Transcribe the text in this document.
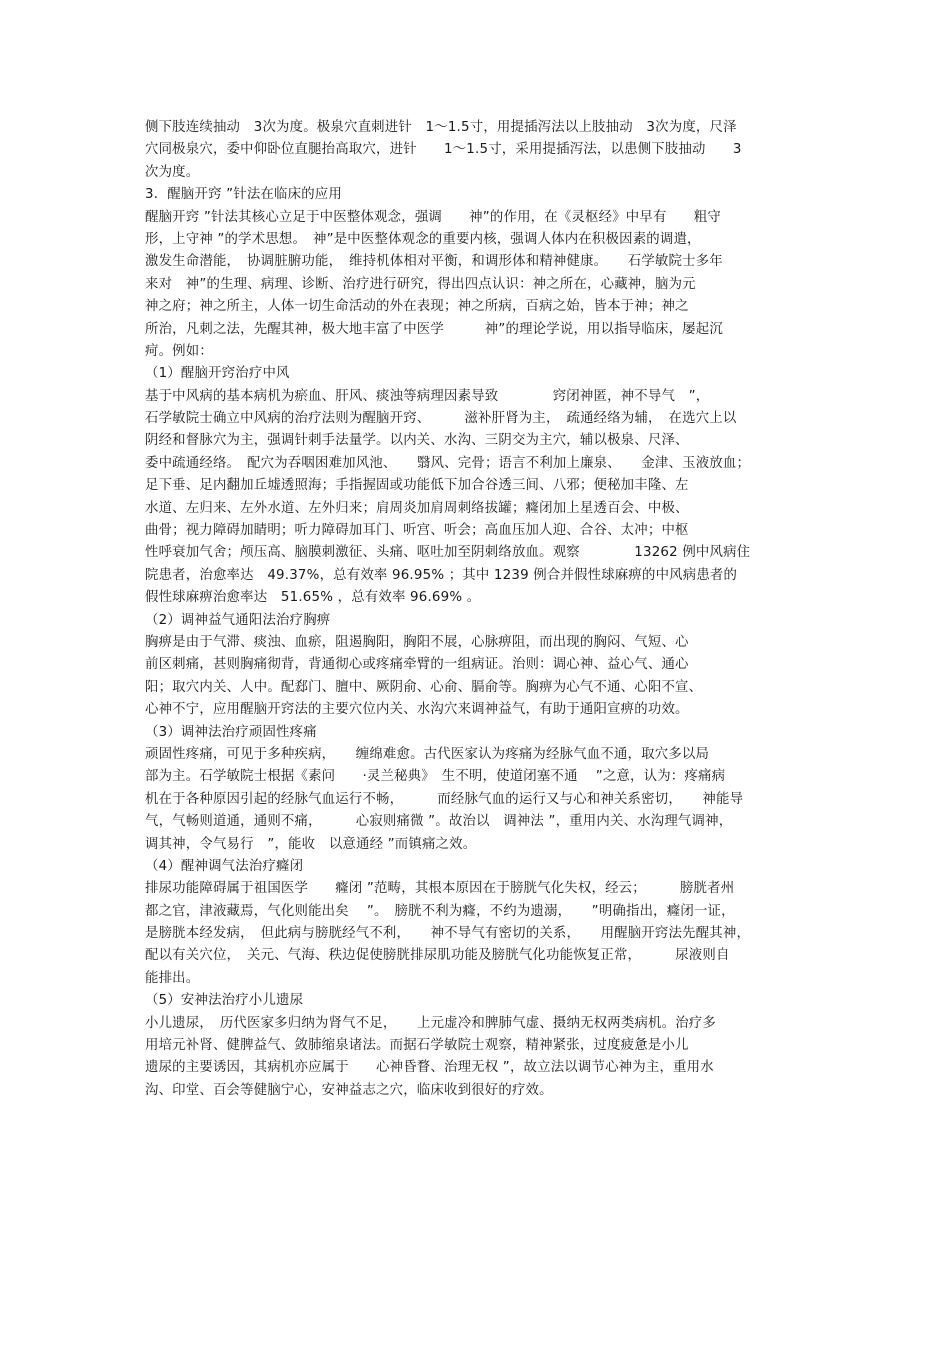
侧下肢连续抽动　3次为度。极泉穴直刺进针　1～1.5寸，用提插泻法以上肢抽动　3次为度，尺泽
穴同极泉穴，委中仰卧位直腿抬高取穴，进针　　1～1.5寸，采用提插泻法，以患侧下肢抽动　　3
次为度。
3．醒脑开窍 ”针法在临床的应用
醒脑开窍 ”针法其核心立足于中医整体观念，强调　　神”的作用，在《灵枢经》中早有　　粗守
形，上守神 ”的学术思想。　神”是中医整体观念的重要内核，强调人体内在积极因素的调遣，
激发生命潜能，　协调脏腑功能，　维持机体相对平衡，和调形体和精神健康。　　石学敏院士多年
来对　神”的生理、病理、诊断、治疗进行研究，得出四点认识：神之所在，心藏神，脑为元
神之府；神之所主，人体一切生命活动的外在表现；神之所病，百病之始，皆本于神；神之
所治，凡刺之法，先醒其神，极大地丰富了中医学　　　神”的理论学说，用以指导临床，屡起沉
疴。例如：
（1）醒脑开窍治疗中风
基于中风病的基本病机为瘀血、肝风、痰浊等病理因素导致　　　　窍闭神匿，神不导气　”，
石学敏院士确立中风病的治疗法则为醒脑开窍、　　　滋补肝肾为主，　疏通经络为辅，　在选穴上以
阴经和督脉穴为主，强调针刺手法量学。以内关、水沟、三阴交为主穴，辅以极泉、尺泽、
委中疏通经络。　配穴为吞咽困难加风池、　　翳风、完骨；语言不利加上廉泉、　　金津、玉液放血；
足下垂、足内翻加丘墟透照海；手指握固或功能低下加合谷透三间、八邪；便秘加丰隆、左
水道、左归来、左外水道、左外归来；肩周炎加肩周刺络拔罐；癃闭加上星透百会、中极、
曲骨；视力障碍加睛明；听力障碍加耳门、听宫、听会；高血压加人迎、合谷、太冲；中枢
性呼衰加气舍；颅压高、脑膜刺激征、头痛、呕吐加至阴刺络放血。观察　　　　13262 例中风病住
院患者，治愈率达　49.37%，总有效率 96.95% ；其中 1239 例合并假性球麻痹的中风病患者的
假性球麻痹治愈率达　51.65% ，总有效率 96.69% 。
（2）调神益气通阳法治疗胸痹
胸痹是由于气滞、痰浊、血瘀，阻遏胸阳，胸阳不展，心脉痹阻，而出现的胸闷、气短、心
前区刺痛，甚则胸痛彻背，背通彻心或疼痛牵臂的一组病证。治则：调心神、益心气、通心
阳；取穴内关、人中。配郄门、膻中、厥阴俞、心俞、膈俞等。胸痹为心气不通、心阳不宣、
心神不宁，应用醒脑开窍法的主要穴位内关、水沟穴来调神益气，有助于通阳宣痹的功效。
（3）调神法治疗顽固性疼痛
顽固性疼痛，可见于多种疾病，　　缠绵难愈。古代医家认为疼痛为经脉气血不通，取穴多以局
部为主。石学敏院士根据《素问　　·灵兰秘典》　生不明，使道闭塞不通　 ”之意，认为：疼痛病
机在于各种原因引起的经脉气血运行不畅，　　　而经脉气血的运行又与心和神关系密切，　　神能导
气，气畅则道通，通则不痛，　　　心寂则痛微 ”。故治以　调神法 ”，重用内关、水沟理气调神，
调其神，令气易行　”，能收　以意通经 ”而镇痛之效。
（4）醒神调气法治疗癃闭
排尿功能障碍属于祖国医学　　癃闭 ”范畴，其根本原因在于膀胱气化失权，经云；　　　膀胱者州
都之官，津液藏焉，气化则能出矣　 ”。　膀胱不利为癃，不约为遗溺，　　”明确指出，癃闭一证，
是膀胱本经发病，　但此病与膀胱经气不利，　　神不导气有密切的关系，　　用醒脑开窍法先醒其神，
配以有关穴位，　关元、气海、秩边促使膀胱排尿肌功能及膀胱气化功能恢复正常，　　　尿液则自
能排出。
（5）安神法治疗小儿遗尿
小儿遗尿，　历代医家多归纳为肾气不足，　　上元虚冷和脾肺气虚、摄纳无权两类病机。治疗多
用培元补肾、健脾益气、敛肺缩泉诸法。而据石学敏院士观察，精神紧张，过度疲惫是小儿
遗尿的主要诱因，其病机亦应属于　　心神昏瞀、治理无权 ”，故立法以调节心神为主，重用水
沟、印堂、百会等健脑宁心，安神益志之穴，临床收到很好的疗效。
